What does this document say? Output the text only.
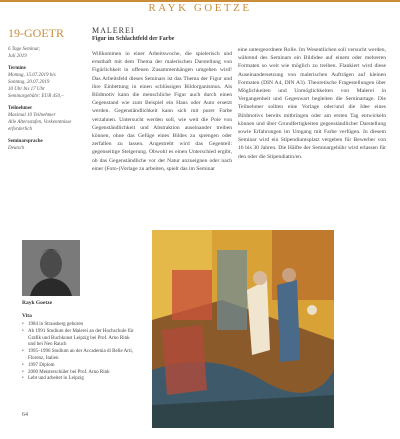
RAYK GOETZE
19-GOETR
6 Tage Seminar,
Juli 2019
Termine
Montag, 15.07.2019 bis
Sonntag, 20.07.2019
10 Uhr bis 17 Uhr
Seminargebühr: EUR 450,–
Teilnehmer
Maximal 10 Teilnehmer
Alle Altersstufen, Vorkenntnisse
erforderlich
Seminarsprache
Deutsch
MALEREI
Figur im Schlachtfeld der Farbe
Willkommen in einer Arbeitswoche, die spielerisch und ernsthaft mit dem Thema der malerischen Darstellung von Figürlichkeit in offenen Zusammenhängen umgehen wird! Das Arbeitsfeld dieses Seminars ist das Thema der Figur und ihre Einbettung in einen schlüssigen Bildorganismus. Als Bildmotiv kann die menschliche Figur auch durch einen Gegenstand wie zum Beispiel ein Haus oder Auto ersetzt werden. Gegenständlichkeit kann sich mit purer Farbe verzahnen. Untersucht werden soll, wie weit die Pole von Gegenständlichkeit und Abstraktion auseinander treiben können, ohne das Gefüge eines Bildes zu sprengen oder zerfallen zu lassen. Angestrebt wird das Gegenteil: gegenseitige Steigerung. Obwohl es einen Unterschied ergibt, ob das Gegenständliche vor der Natur anzueignen oder nach einer (Foto-)Vorlage zu arbeiten, spielt das im Seminar
eine untergeordnete Rolle. Im Wesentlichen soll versucht werden, während des Seminars ein Bildidee auf einem oder mehreren Formaten so weit wie möglich zu treiben. Flankiert wird diese Auseinandersetzung von malerischen Aufträgen auf kleinen Formaten (DIN A4, DIN A3). Theoretische Fragestellungen über Möglichkeiten und Unmöglichkeiten von Malerei in Vergangenheit und Gegenwart begleiten die Seminartage. Die Teilnehmer sollten eine Vorlage oder/und die Idee eines Bildmotivs bereits mitbringen oder am ersten Tag entwickeln können und über Grundfertigkeiten gegenständlicher Darstellung sowie Erfahrungen im Umgang mit Farbe verfügen. In diesem Seminar wird ein Stipendiumsplatz vergeben für Bewerber von 16 bis 30 Jahren. Die Hälfte der Seminargebühr wird erlassen für den oder die Stipendiatin/en.
Rayk Goetze
Vita
• 1984 in Strausberg geboren
• Ab 1991 Studium der Malerei an der Hochschule für Grafik und Buchkunst Leipzig bei Prof. Arno Rink und bei Neo Rauch
• 1995–1996 Studium an der Accademia di Belle Arti, Florenz, Italien
• 1997 Diplom
• 2000 Meisterschüler bei Prof. Arno Rink
• Lebt und arbeitet in Leipzig
64
